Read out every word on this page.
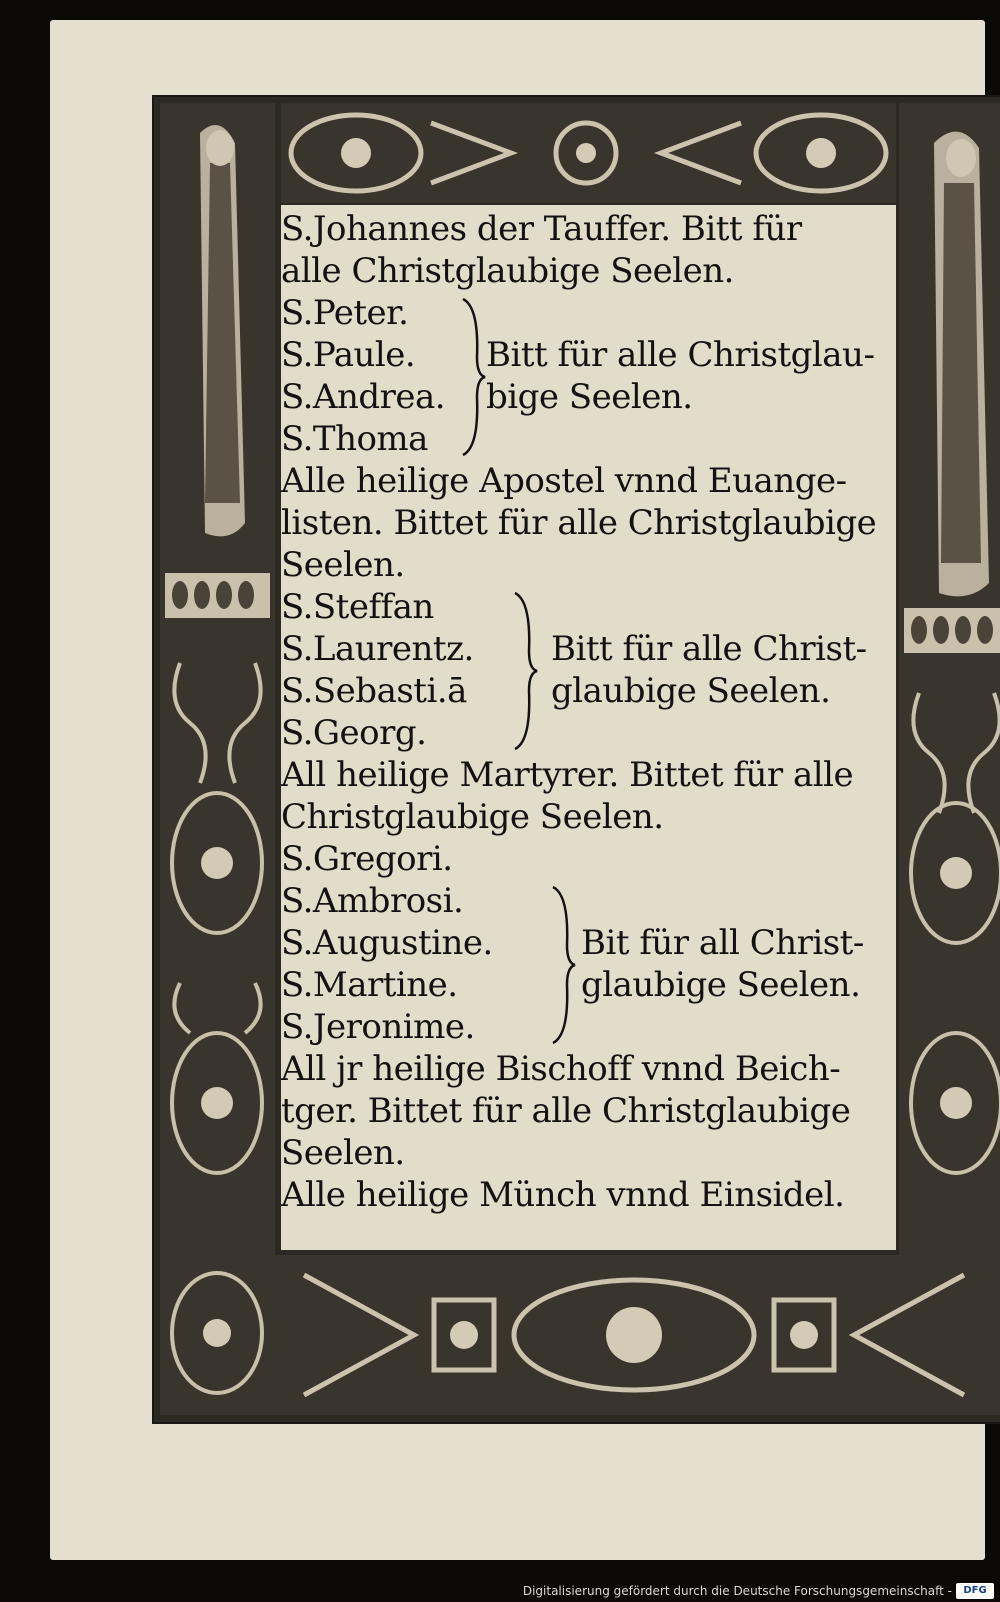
S.Johannes der Tauffer. Bitt für
alle Christglaubige Seelen.
S.Peter.
S.Paule.
S.Andrea.
S.Thoma
Bitt für alle Christglau-
bige Seelen.
Alle heilige Apostel vnnd Euange-
listen. Bittet für alle Christglaubige
Seelen.
S.Steffan
S.Laurentz.
S.Sebasti.ā
S.Georg.
Bitt für alle Christ-
glaubige Seelen.
All heilige Martyrer. Bittet für alle
Christglaubige Seelen.
S.Gregori.
S.Ambrosi.
S.Augustine.
S.Martine.
S.Jeronime.
Bit für all Christ-
glaubige Seelen.
All jr heilige Bischoff vnnd Beich-
tger. Bittet für alle Christglaubige
Seelen.
Alle heilige Münch vnnd Einsidel.
Digitalisierung gefördert durch die Deutsche Forschungsgemeinschaft -	DFG
